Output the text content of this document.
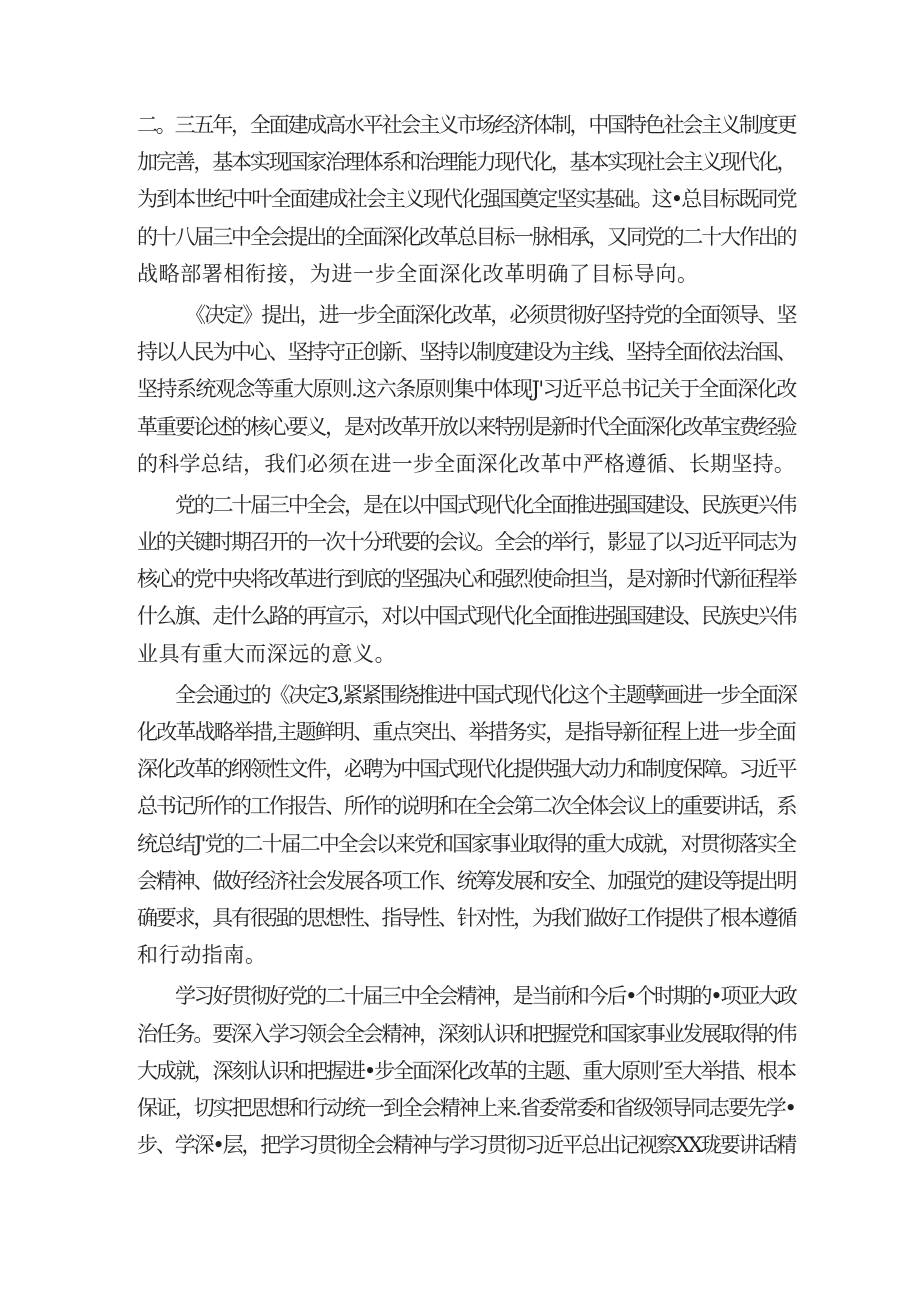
二。三五年，全面建成高水平社会主义市场经济体制，中国特色社会主义制度更
加完善，基本实现国家治理体系和治理能力现代化，基本实现社会主义现代化，
为到本世纪中叶全面建成社会主义现代化强国奠定坚实基础。这•总目标既同党
的十八届三中全会提出的全面深化改革总目标一脉相承，又同党的二十大作出的
战略部署相衔接，为进一步全面深化改革明确了目标导向。

《决定》提出，进一步全面深化改革，必须贯彻好坚持党的全面领导、坚
持以人民为中心、坚持守正创新、坚持以制度建设为主线、坚持全面依法治国、
坚持系统观念等重大原则.这六条原则集中体现J'习近平总书记关于全面深化改
革重要论述的核心要义，是对改革开放以来特别是新时代全面深化改革宝费经验
的科学总结，我们必须在进一步全面深化改革中严格遵循、长期坚持。

党的二十届三中全会，是在以中国式现代化全面推进强国建设、民族更兴伟
业的关键时期召开的一次十分玳要的会议。全会的举行，影显了以习近平同志为
核心的党中央将改革进行到底的坚强决心和强烈使命担当，是对新时代新征程举
什么旗、走什么路的再宣示，对以中国式现代化全面推进强国建设、民族史兴伟
业具有重大而深远的意义。

全会通过的《决定3,紧紧围绕推进中国式现代化这个主题孽画进一步全面深
化改革战略举措,主题鲜明、重点突出、举措务实，是指导新征程上进一步全面
深化改革的纲领性文件，必聘为中国式现代化提供强大动力和制度保障。习近平
总书记所作的工作报告、所作的说明和在全会第二次全体会议上的重要讲话，系
统总结J'党的二十届二中全会以来党和国家事业取得的重大成就，对贯彻落实全
会精神、做好经济社会发展各项工作、统筹发展和安全、加强党的建设等提出明
确要求，具有很强的思想性、指导性、针对性，为我们做好工作提供了根本遵循
和行动指南。

学习好贯彻好党的二十届三中全会精神，是当前和今后•个时期的•项亚大政
治任务。要深入学习领会全会精神，深刻认识和把握党和国家事业发展取得的伟
大成就，深刻认识和把握进•步全面深化改革的主题、重大原则’至大举措、根本
保证，切实把思想和行动统一到全会精神上来.省委常委和省级领导同志要先学•
步、学深•层，把学习贯彻全会精神与学习贯彻习近平总出记视察XX珑要讲话精
